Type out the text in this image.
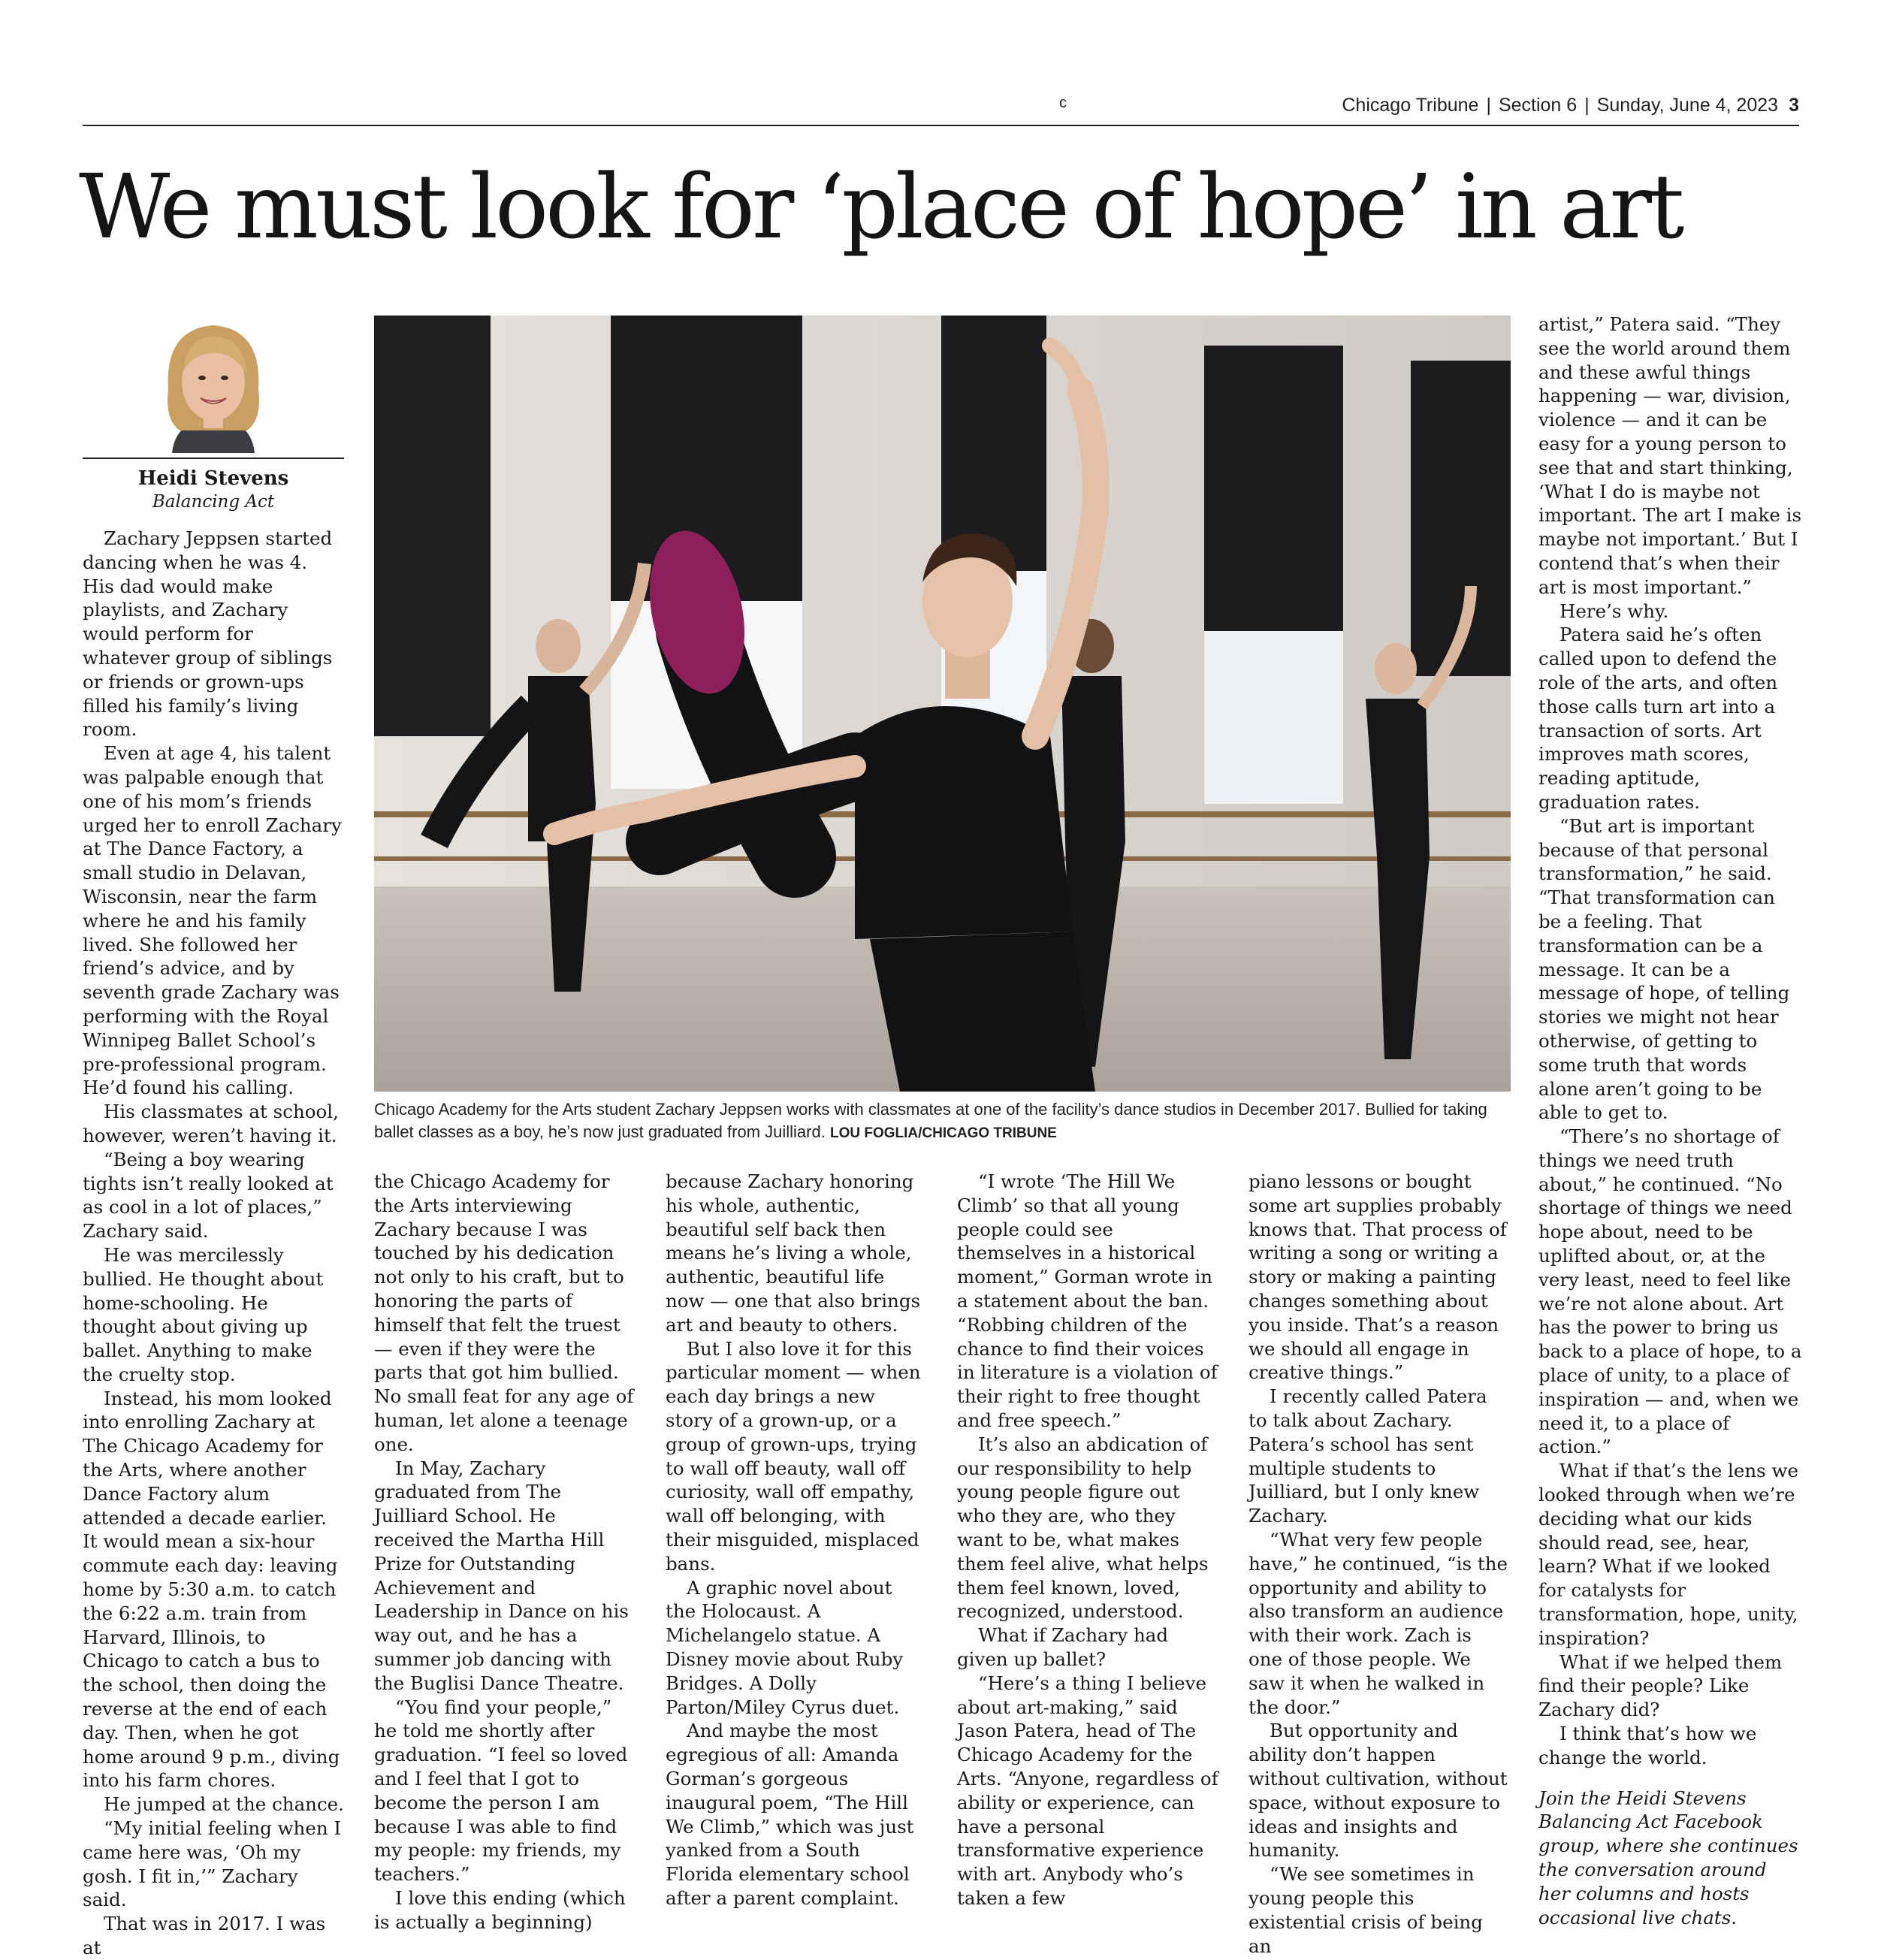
c	Chicago Tribune | Section 6 | Sunday, June 4, 2023 3
We must look for ‘place of hope’ in art
Heidi Stevens
Balancing Act

Zachary Jeppsen started dancing when he was 4. His dad would make playlists, and Zachary would perform for whatever group of siblings or friends or grown-ups filled his family’s living room.

Even at age 4, his talent was palpable enough that one of his mom’s friends urged her to enroll Zachary at The Dance Factory, a small studio in Delavan, Wisconsin, near the farm where he and his family lived. She followed her friend’s advice, and by seventh grade Zachary was performing with the Royal Winnipeg Ballet School’s pre-professional program. He’d found his calling.

His classmates at school, however, weren’t having it.

“Being a boy wearing tights isn’t really looked at as cool in a lot of places,” Zachary said.

He was mercilessly bullied. He thought about home-schooling. He thought about giving up ballet. Anything to make the cruelty stop.

Instead, his mom looked into enrolling Zachary at The Chicago Academy for the Arts, where another Dance Factory alum attended a decade earlier. It would mean a six-hour commute each day: leaving home by 5:30 a.m. to catch the 6:22 a.m. train from Harvard, Illinois, to Chicago to catch a bus to the school, then doing the reverse at the end of each day. Then, when he got home around 9 p.m., diving into his farm chores.

He jumped at the chance.

“My initial feeling when I came here was, ‘Oh my gosh. I fit in,’” Zachary said.

That was in 2017. I was at

Chicago Academy for the Arts student Zachary Jeppsen works with classmates at one of the facility’s dance studios in December 2017. Bullied for taking ballet classes as a boy, he’s now just graduated from Juilliard. LOU FOGLIA/CHICAGO TRIBUNE

the Chicago Academy for the Arts interviewing Zachary because I was touched by his dedication not only to his craft, but to honoring the parts of himself that felt the truest — even if they were the parts that got him bullied. No small feat for any age of human, let alone a teenage one.

In May, Zachary graduated from The Juilliard School. He received the Martha Hill Prize for Outstanding Achievement and Leadership in Dance on his way out, and he has a summer job dancing with the Buglisi Dance Theatre.

“You find your people,” he told me shortly after graduation. “I feel so loved and I feel that I got to become the person I am because I was able to find my people: my friends, my teachers.”

I love this ending (which is actually a beginning)

because Zachary honoring his whole, authentic, beautiful self back then means he’s living a whole, authentic, beautiful life now — one that also brings art and beauty to others.

But I also love it for this particular moment — when each day brings a new story of a grown-up, or a group of grown-ups, trying to wall off beauty, wall off curiosity, wall off empathy, wall off belonging, with their misguided, misplaced bans.

A graphic novel about the Holocaust. A Michelangelo statue. A Disney movie about Ruby Bridges. A Dolly Parton/Miley Cyrus duet.

And maybe the most egregious of all: Amanda Gorman’s gorgeous inaugural poem, “The Hill We Climb,” which was just yanked from a South Florida elementary school after a parent complaint.

“I wrote ‘The Hill We Climb’ so that all young people could see themselves in a historical moment,” Gorman wrote in a statement about the ban. “Robbing children of the chance to find their voices in literature is a violation of their right to free thought and free speech.”

It’s also an abdication of our responsibility to help young people figure out who they are, who they want to be, what makes them feel alive, what helps them feel known, loved, recognized, understood.

What if Zachary had given up ballet?

“Here’s a thing I believe about art-making,” said Jason Patera, head of The Chicago Academy for the Arts. “Anyone, regardless of ability or experience, can have a personal transformative experience with art. Anybody who’s taken a few

piano lessons or bought some art supplies probably knows that. That process of writing a song or writing a story or making a painting changes something about you inside. That’s a reason we should all engage in creative things.”

I recently called Patera to talk about Zachary. Patera’s school has sent multiple students to Juilliard, but I only knew Zachary.

“What very few people have,” he continued, “is the opportunity and ability to also transform an audience with their work. Zach is one of those people. We saw it when he walked in the door.”

But opportunity and ability don’t happen without cultivation, without space, without exposure to ideas and insights and humanity.

“We see sometimes in young people this existential crisis of being an

artist,” Patera said. “They see the world around them and these awful things happening — war, division, violence — and it can be easy for a young person to see that and start thinking, ‘What I do is maybe not important. The art I make is maybe not important.’ But I contend that’s when their art is most important.”

Here’s why.

Patera said he’s often called upon to defend the role of the arts, and often those calls turn art into a transaction of sorts. Art improves math scores, reading aptitude, graduation rates.

“But art is important because of that personal transformation,” he said. “That transformation can be a feeling. That transformation can be a message. It can be a message of hope, of telling stories we might not hear otherwise, of getting to some truth that words alone aren’t going to be able to get to.

“There’s no shortage of things we need truth about,” he continued. “No shortage of things we need hope about, need to be uplifted about, or, at the very least, need to feel like we’re not alone about. Art has the power to bring us back to a place of hope, to a place of unity, to a place of inspiration — and, when we need it, to a place of action.”

What if that’s the lens we looked through when we’re deciding what our kids should read, see, hear, learn? What if we looked for catalysts for transformation, hope, unity, inspiration?

What if we helped them find their people? Like Zachary did?

I think that’s how we change the world.

Join the Heidi Stevens Balancing Act Facebook group, where she continues the conversation around her columns and hosts occasional live chats.
